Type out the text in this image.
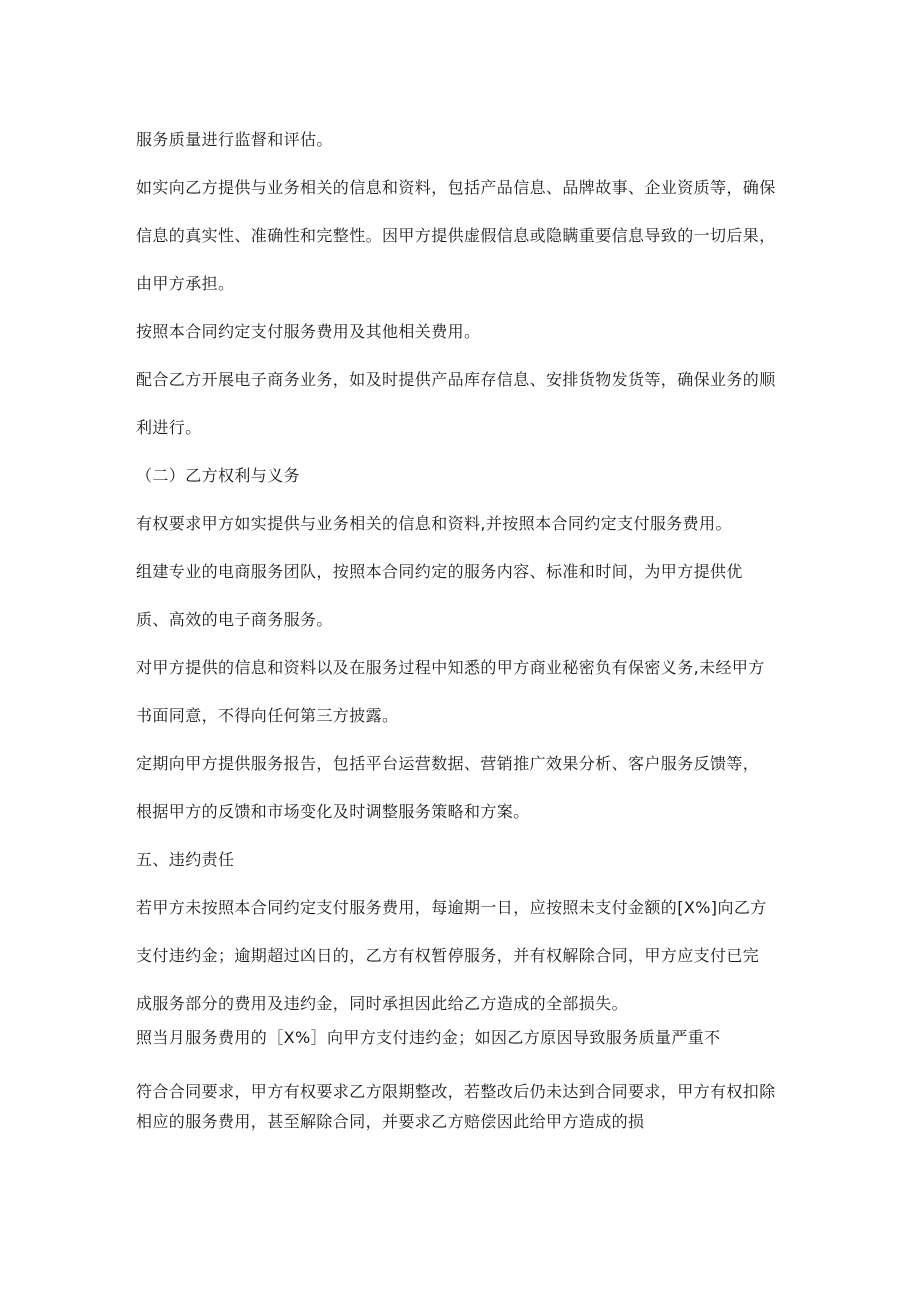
服务质量进行监督和评估。
如实向乙方提供与业务相关的信息和资料，包括产品信息、品牌故事、企业资质等，确保
信息的真实性、准确性和完整性。因甲方提供虚假信息或隐瞒重要信息导致的一切后果，
由甲方承担。
按照本合同约定支付服务费用及其他相关费用。
配合乙方开展电子商务业务，如及时提供产品库存信息、安排货物发货等，确保业务的顺
利进行。
（二）乙方权利与义务
有权要求甲方如实提供与业务相关的信息和资料,并按照本合同约定支付服务费用。
组建专业的电商服务团队，按照本合同约定的服务内容、标准和时间，为甲方提供优
质、高效的电子商务服务。
对甲方提供的信息和资料以及在服务过程中知悉的甲方商业秘密负有保密义务,未经甲方
书面同意，不得向任何第三方披露。
定期向甲方提供服务报告，包括平台运营数据、营销推广效果分析、客户服务反馈等，
根据甲方的反馈和市场变化及时调整服务策略和方案。
五、违约责任
若甲方未按照本合同约定支付服务费用，每逾期一日，应按照未支付金额的[X%]向乙方
支付违约金；逾期超过凶日的，乙方有权暂停服务，并有权解除合同，甲方应支付已完
成服务部分的费用及违约金，同时承担因此给乙方造成的全部损失。
照当月服务费用的［X%］向甲方支付违约金；如因乙方原因导致服务质量严重不
符合合同要求，甲方有权要求乙方限期整改，若整改后仍未达到合同要求，甲方有权扣除
相应的服务费用，甚至解除合同，并要求乙方赔偿因此给甲方造成的损
